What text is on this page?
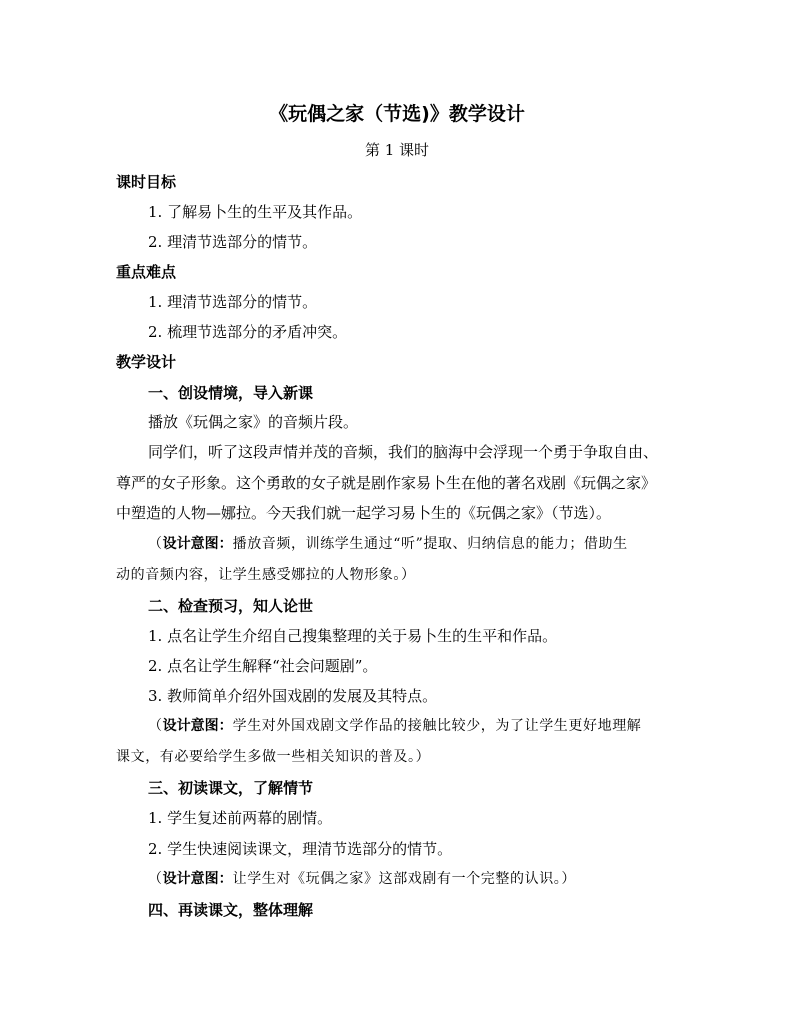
《玩偶之家（节选)》教学设计
第 1 课时
课时目标
1. 了解易卜生的生平及其作品。
2. 理清节选部分的情节。
重点难点
1. 理清节选部分的情节。
2. 梳理节选部分的矛盾冲突。
教学设计
一、创设情境，导入新课
播放《玩偶之家》的音频片段。
同学们，听了这段声情并茂的音频，我们的脑海中会浮现一个勇于争取自由、
尊严的女子形象。这个勇敢的女子就是剧作家易卜生在他的著名戏剧《玩偶之家》
中塑造的人物—娜拉。今天我们就一起学习易卜生的《玩偶之家》（节选）。
（设计意图：播放音频，训练学生通过“听”提取、归纳信息的能力；借助生
动的音频内容，让学生感受娜拉的人物形象。）
二、检查预习，知人论世
1. 点名让学生介绍自己搜集整理的关于易卜生的生平和作品。
2. 点名让学生解释“社会问题剧”。
3. 教师简单介绍外国戏剧的发展及其特点。
（设计意图：学生对外国戏剧文学作品的接触比较少，为了让学生更好地理解
课文，有必要给学生多做一些相关知识的普及。）
三、初读课文，了解情节
1. 学生复述前两幕的剧情。
2. 学生快速阅读课文，理清节选部分的情节。
（设计意图：让学生对《玩偶之家》这部戏剧有一个完整的认识。）
四、再读课文，整体理解
